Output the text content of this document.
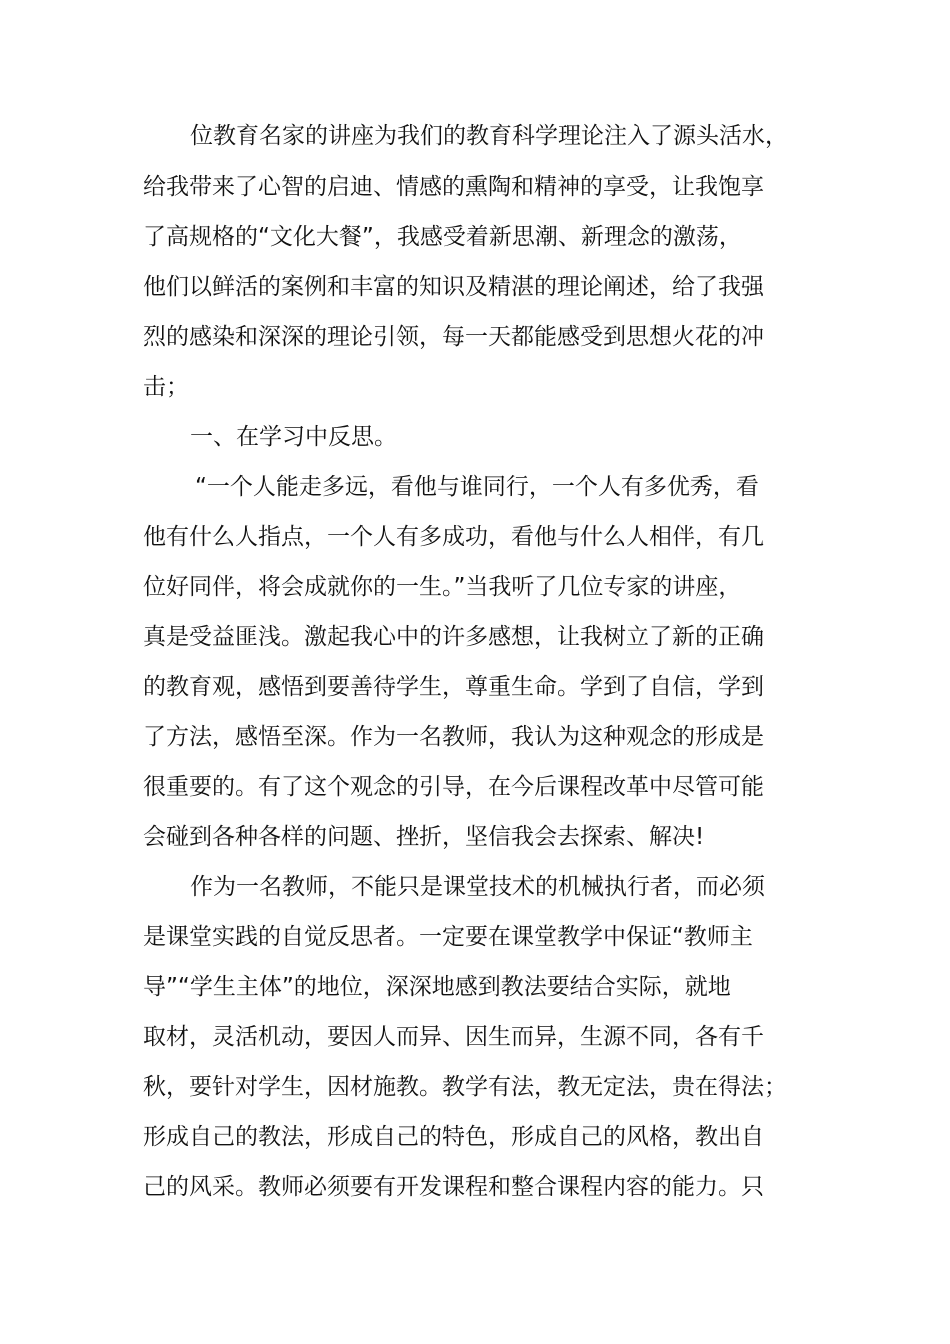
位教育名家的讲座为我们的教育科学理论注入了源头活水，
给我带来了心智的启迪、情感的熏陶和精神的享受，让我饱享
了高规格的“文化大餐”，我感受着新思潮、新理念的激荡，
他们以鲜活的案例和丰富的知识及精湛的理论阐述，给了我强
烈的感染和深深的理论引领，每一天都能感受到思想火花的冲
击；
一、在学习中反思。
“一个人能走多远，看他与谁同行，一个人有多优秀，看
他有什么人指点，一个人有多成功，看他与什么人相伴，有几
位好同伴，将会成就你的一生。”当我听了几位专家的讲座，
真是受益匪浅。激起我心中的许多感想，让我树立了新的正确
的教育观，感悟到要善待学生，尊重生命。学到了自信，学到
了方法，感悟至深。作为一名教师，我认为这种观念的形成是
很重要的。有了这个观念的引导，在今后课程改革中尽管可能
会碰到各种各样的问题、挫折，坚信我会去探索、解决!
作为一名教师，不能只是课堂技术的机械执行者，而必须
是课堂实践的自觉反思者。一定要在课堂教学中保证“教师主
导”“学生主体”的地位，深深地感到教法要结合实际，就地
取材，灵活机动，要因人而异、因生而异，生源不同，各有千
秋，要针对学生，因材施教。教学有法，教无定法，贵在得法；
形成自己的教法，形成自己的特色，形成自己的风格，教出自
己的风采。教师必须要有开发课程和整合课程内容的能力。只
